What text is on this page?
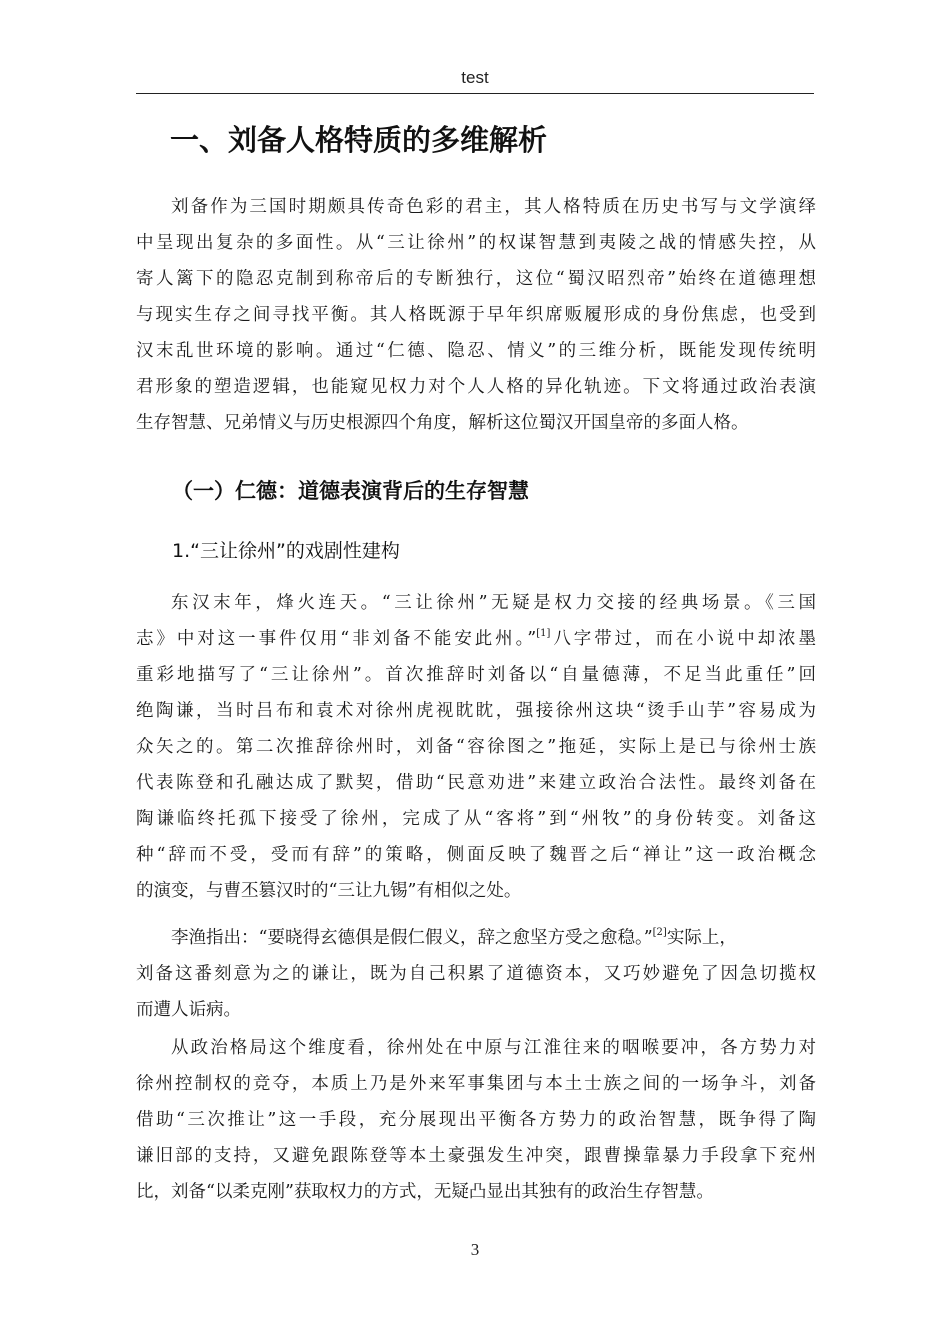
test
一、刘备人格特质的多维解析
刘备作为三国时期颇具传奇色彩的君主，其人格特质在历史书写与文学演绎
中呈现出复杂的多面性。从“三让徐州”的权谋智慧到夷陵之战的情感失控，从
寄人篱下的隐忍克制到称帝后的专断独行，这位“蜀汉昭烈帝”始终在道德理想
与现实生存之间寻找平衡。其人格既源于早年织席贩履形成的身份焦虑，也受到
汉末乱世环境的影响。通过“仁德、隐忍、情义”的三维分析，既能发现传统明
君形象的塑造逻辑，也能窥见权力对个人人格的异化轨迹。下文将通过政治表演
生存智慧、兄弟情义与历史根源四个角度，解析这位蜀汉开国皇帝的多面人格。
（一）仁德：道德表演背后的生存智慧
1.“三让徐州”的戏剧性建构
东汉末年，烽火连天。“三让徐州”无疑是权力交接的经典场景。《三国
志》中对这一事件仅用“非刘备不能安此州。”[1]八字带过，而在小说中却浓墨
重彩地描写了“三让徐州”。首次推辞时刘备以“自量德薄，不足当此重任”回
绝陶谦，当时吕布和袁术对徐州虎视眈眈，强接徐州这块“烫手山芋”容易成为
众矢之的。第二次推辞徐州时，刘备“容徐图之”拖延，实际上是已与徐州士族
代表陈登和孔融达成了默契，借助“民意劝进”来建立政治合法性。最终刘备在
陶谦临终托孤下接受了徐州，完成了从“客将”到“州牧”的身份转变。刘备这
种“辞而不受，受而有辞”的策略，侧面反映了魏晋之后“禅让”这一政治概念
的演变，与曹丕篡汉时的“三让九锡”有相似之处。
李渔指出：“要晓得玄德俱是假仁假义，辞之愈坚方受之愈稳。”[2]实际上，
刘备这番刻意为之的谦让，既为自己积累了道德资本，又巧妙避免了因急切揽权
而遭人诟病。
从政治格局这个维度看，徐州处在中原与江淮往来的咽喉要冲，各方势力对
徐州控制权的竞夺，本质上乃是外来军事集团与本土士族之间的一场争斗，刘备
借助“三次推让”这一手段，充分展现出平衡各方势力的政治智慧，既争得了陶
谦旧部的支持，又避免跟陈登等本土豪强发生冲突，跟曹操靠暴力手段拿下兖州
比，刘备“以柔克刚”获取权力的方式，无疑凸显出其独有的政治生存智慧。
3
